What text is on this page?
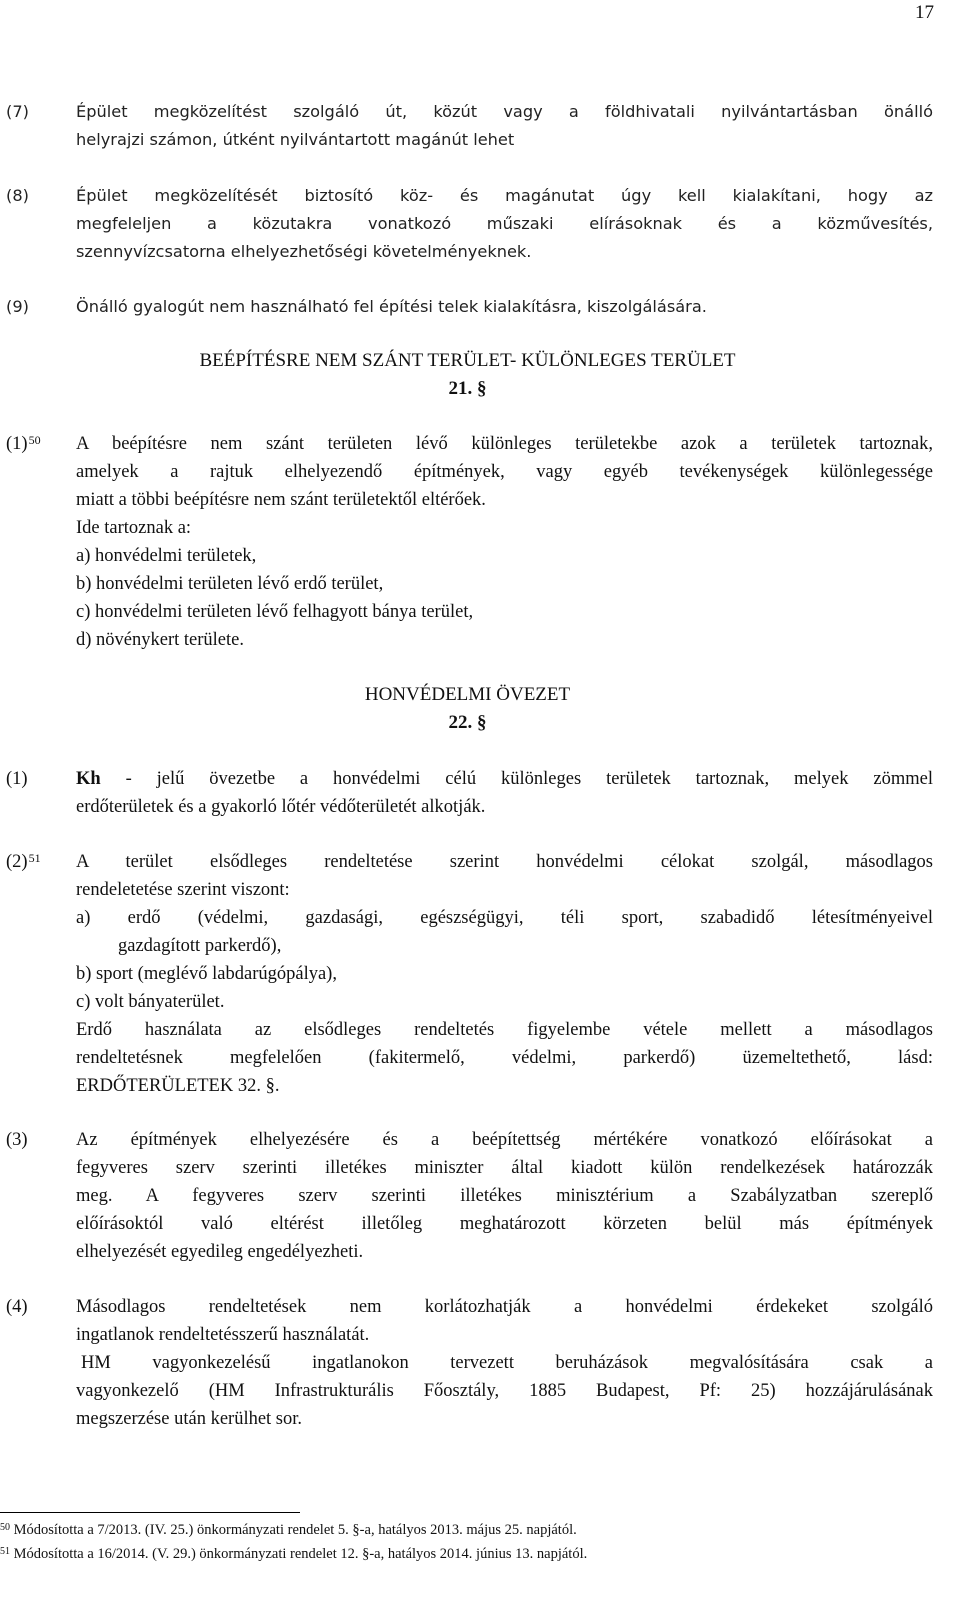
17
(7)	Épület megközelítést szolgáló út, közút vagy a földhivatali nyilvántartásban önálló
helyrajzi számon, útként nyilvántartott magánút lehet
(8)	Épület megközelítését biztosító köz- és magánutat úgy kell kialakítani, hogy az
megfeleljen a közutakra vonatkozó műszaki elírásoknak és a közművesítés,
szennyvízcsatorna elhelyezhetőségi követelményeknek.
(9)	Önálló gyalogút nem használható fel építési telek kialakításra, kiszolgálására.
BEÉPÍTÉSRE NEM SZÁNT TERÜLET- KÜLÖNLEGES TERÜLET
21. §
$(1)^{50}$ A beépítésre nem szánt területen lévő különleges területekbe azok a területek tartoznak,
amelyek a rajtuk elhelyezendő építmények, vagy egyéb tevékenységek különlegessége
miatt a többi beépítésre nem szánt területektől eltérőek.
Ide tartoznak a:
a) honvédelmi területek,
b) honvédelmi területen lévő erdő terület,
c) honvédelmi területen lévő felhagyott bánya terület,
d) növénykert területe.
HONVÉDELMI ÖVEZET
22. §
(1)	Kh - jelű övezetbe a honvédelmi célú különleges területek tartoznak, melyek zömmel
erdőterületek és a gyakorló lőtér védőterületét alkotják.
$(2)^{51}$ A terület elsődleges rendeltetése szerint honvédelmi célokat szolgál, másodlagos
rendeletetése szerint viszont:
a) erdő (védelmi, gazdasági, egészségügyi, téli sport, szabadidő létesítményeivel
gazdagított parkerdő),
b) sport (meglévő labdarúgópálya),
c) volt bányaterület.
Erdő használata az elsődleges rendeltetés figyelembe vétele mellett a másodlagos
rendeltetésnek megfelelően (fakitermelő, védelmi, parkerdő) üzemeltethető, lásd:
ERDŐTERÜLETEK 32. §.
(3)	Az építmények elhelyezésére és a beépítettség mértékére vonatkozó előírásokat a
fegyveres szerv szerinti illetékes miniszter által kiadott külön rendelkezések határozzák
meg. A fegyveres szerv szerinti illetékes minisztérium a Szabályzatban szereplő
előírásoktól való eltérést illetőleg meghatározott körzeten belül más építmények
elhelyezését egyedileg engedélyezheti.
(4)	Másodlagos rendeltetések nem korlátozhatják a honvédelmi érdekeket szolgáló
ingatlanok rendeltetésszerű használatát.
HM vagyonkezelésű ingatlanokon tervezett beruházások megvalósítására csak a
vagyonkezelő (HM Infrastrukturális Főosztály, 1885 Budapest, Pf: 25) hozzájárulásának
megszerzése után kerülhet sor.
$^{50}$ Módosította a 7/2013. (IV. 25.) önkormányzati rendelet 5. §-a, hatályos 2013. május 25. napjától.
$^{51}$ Módosította a 16/2014. (V. 29.) önkormányzati rendelet 12. §-a, hatályos 2014. június 13. napjától.
